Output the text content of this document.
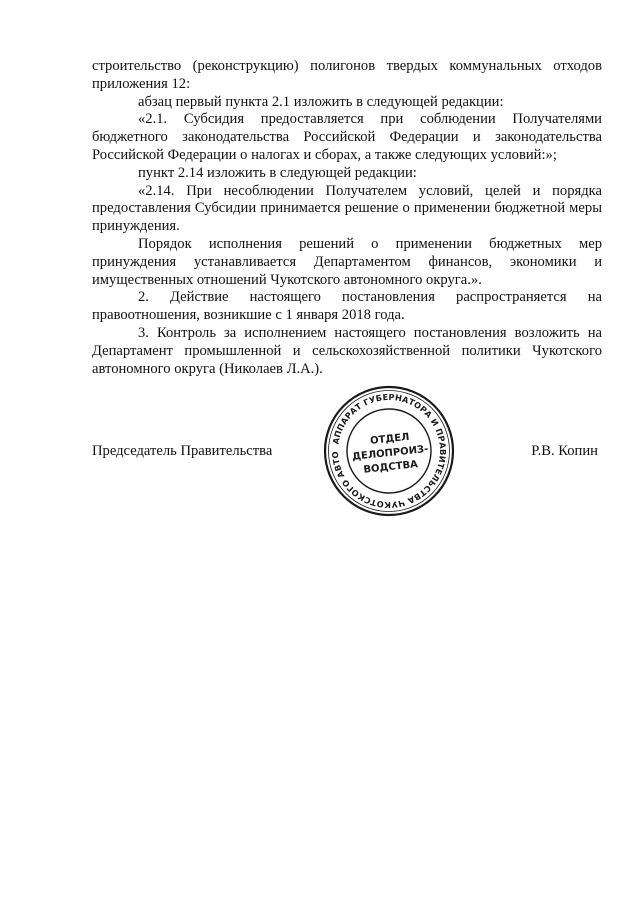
строительство (реконструкцию) полигонов твердых коммунальных отходов приложения 12:

абзац первый пункта 2.1 изложить в следующей редакции:

«2.1. Субсидия предоставляется при соблюдении Получателями бюджетного законодательства Российской Федерации и законодательства Российской Федерации о налогах и сборах, а также следующих условий:»;

пункт 2.14 изложить в следующей редакции:

«2.14. При несоблюдении Получателем условий, целей и порядка предоставления Субсидии принимается решение о применении бюджетной меры принуждения.

Порядок исполнения решений о применении бюджетных мер принуждения устанавливается Департаментом финансов, экономики и имущественных отношений Чукотского автономного округа.».

2. Действие настоящего постановления распространяется на правоотношения, возникшие с 1 января 2018 года.

3. Контроль за исполнением настоящего постановления возложить на Департамент промышленной и сельскохозяйственной политики Чукотского автономного округа (Николаев Л.А.).

Председатель Правительства	Р.В. Копин
АППАРАТ ГУБЕРНАТОРА И ПРАВИТЕЛЬСТВА ЧУКОТСКОГО АВТО
ОТДЕЛ
ДЕЛОПРОИЗ-
ВОДСТВА
